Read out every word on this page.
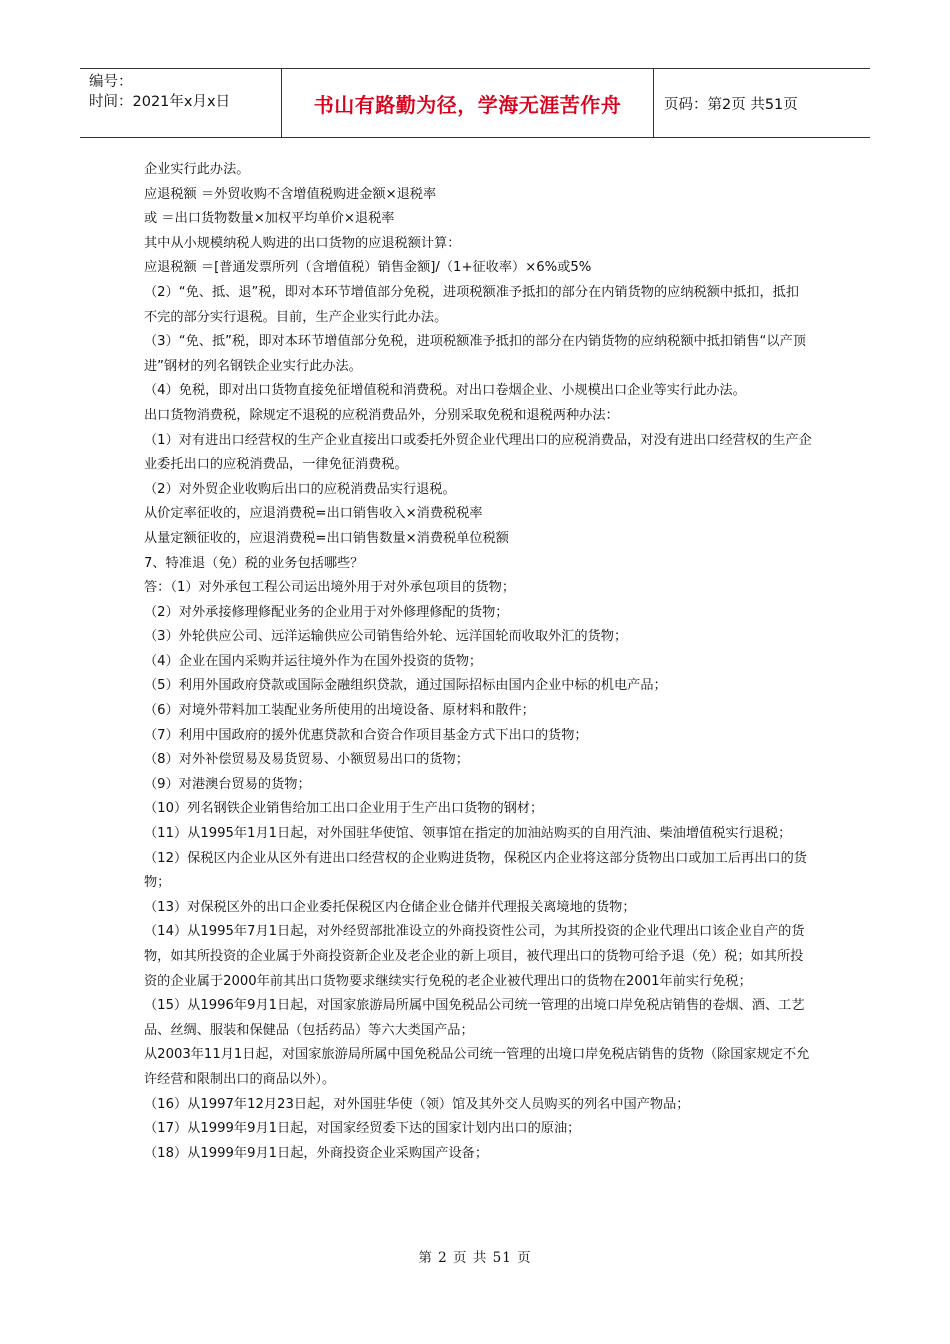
编号：
时间：2021年x月x日	书山有路勤为径，学海无涯苦作舟	页码：第2页 共51页

企业实行此办法。

应退税额 ＝外贸收购不含增值税购进金额×退税率

或 ＝出口货物数量×加权平均单价×退税率

其中从小规模纳税人购进的出口货物的应退税额计算：

应退税额 ＝[普通发票所列（含增值税）销售金额]/（1+征收率）×6%或5%

（2）“免、抵、退”税，即对本环节增值部分免税，进项税额准予抵扣的部分在内销货物的应纳税额中抵扣，抵扣不完的部分实行退税。目前，生产企业实行此办法。

（3）“免、抵”税，即对本环节增值部分免税，进项税额准予抵扣的部分在内销货物的应纳税额中抵扣销售“以产顶进”钢材的列名钢铁企业实行此办法。

（4）免税，即对出口货物直接免征增值税和消费税。对出口卷烟企业、小规模出口企业等实行此办法。

出口货物消费税，除规定不退税的应税消费品外，分别采取免税和退税两种办法：

（1）对有进出口经营权的生产企业直接出口或委托外贸企业代理出口的应税消费品，对没有进出口经营权的生产企业委托出口的应税消费品，一律免征消费税。

（2）对外贸企业收购后出口的应税消费品实行退税。

从价定率征收的，应退消费税=出口销售收入×消费税税率

从量定额征收的，应退消费税=出口销售数量×消费税单位税额

7、特准退（免）税的业务包括哪些？

答：（1）对外承包工程公司运出境外用于对外承包项目的货物；

（2）对外承接修理修配业务的企业用于对外修理修配的货物；

（3）外轮供应公司、远洋运输供应公司销售给外轮、远洋国轮而收取外汇的货物；

（4）企业在国内采购并运往境外作为在国外投资的货物；

（5）利用外国政府贷款或国际金融组织贷款，通过国际招标由国内企业中标的机电产品；

（6）对境外带料加工装配业务所使用的出境设备、原材料和散件；

（7）利用中国政府的援外优惠贷款和合资合作项目基金方式下出口的货物；

（8）对外补偿贸易及易货贸易、小额贸易出口的货物；

（9）对港澳台贸易的货物；

（10）列名钢铁企业销售给加工出口企业用于生产出口货物的钢材；

（11）从1995年1月1日起，对外国驻华使馆、领事馆在指定的加油站购买的自用汽油、柴油增值税实行退税；

（12）保税区内企业从区外有进出口经营权的企业购进货物，保税区内企业将这部分货物出口或加工后再出口的货物；

（13）对保税区外的出口企业委托保税区内仓储企业仓储并代理报关离境地的货物；

（14）从1995年7月1日起，对外经贸部批准设立的外商投资性公司，为其所投资的企业代理出口该企业自产的货物，如其所投资的企业属于外商投资新企业及老企业的新上项目，被代理出口的货物可给予退（免）税；如其所投资的企业属于2000年前其出口货物要求继续实行免税的老企业被代理出口的货物在2001年前实行免税；

（15）从1996年9月1日起，对国家旅游局所属中国免税品公司统一管理的出境口岸免税店销售的卷烟、酒、工艺品、丝绸、服装和保健品（包括药品）等六大类国产品；

从2003年11月1日起，对国家旅游局所属中国免税品公司统一管理的出境口岸免税店销售的货物（除国家规定不允许经营和限制出口的商品以外）。

（16）从1997年12月23日起，对外国驻华使（领）馆及其外交人员购买的列名中国产物品；

（17）从1999年9月1日起，对国家经贸委下达的国家计划内出口的原油；

（18）从1999年9月1日起，外商投资企业采购国产设备；

第 2 页 共 51 页
